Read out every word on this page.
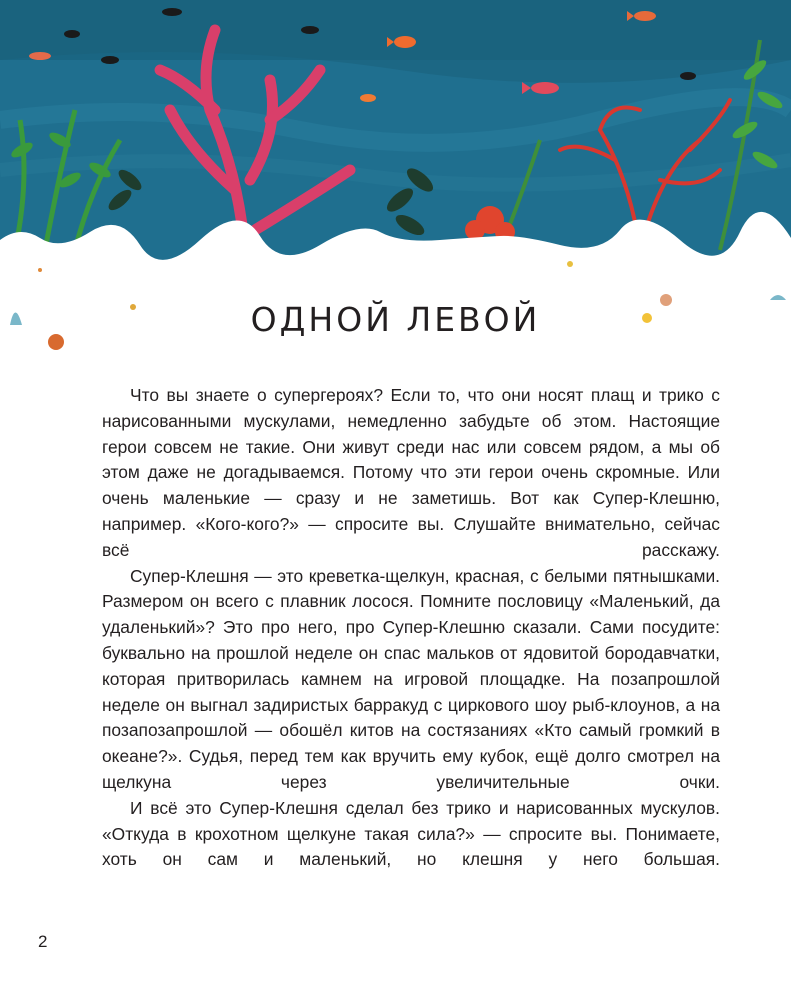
ОДНОЙ ЛЕВОЙ

Что вы знаете о супергероях? Если то, что они носят плащ и трико с нарисованными мускулами, немедленно забудьте об этом. Настоящие герои совсем не такие. Они живут среди нас или совсем рядом, а мы об этом даже не догадываемся. Потому что эти герои очень скромные. Или очень маленькие — сразу и не заметишь. Вот как Супер-Клешню, например. «Кого-кого?» — спросите вы. Слушайте внимательно, сейчас всё расскажу.

Супер-Клешня — это креветка-щелкун, красная, с белыми пятнышками. Размером он всего с плавник лосося. Помните пословицу «Маленький, да удаленький»? Это про него, про Супер-Клешню сказали. Сами посудите: буквально на прошлой неделе он спас мальков от ядовитой бородавчатки, которая притворилась камнем на игровой площадке. На позапрошлой неделе он выгнал задиристых барракуд с циркового шоу рыб-клоунов, а на позапозапрошлой — обошёл китов на состязаниях «Кто самый громкий в океане?». Судья, перед тем как вручить ему кубок, ещё долго смотрел на щелкуна через увеличительные очки.

И всё это Супер-Клешня сделал без трико и нарисованных мускулов. «Откуда в крохотном щелкуне такая сила?» — спросите вы. Понимаете, хоть он сам и маленький, но клешня у него большая.

2
